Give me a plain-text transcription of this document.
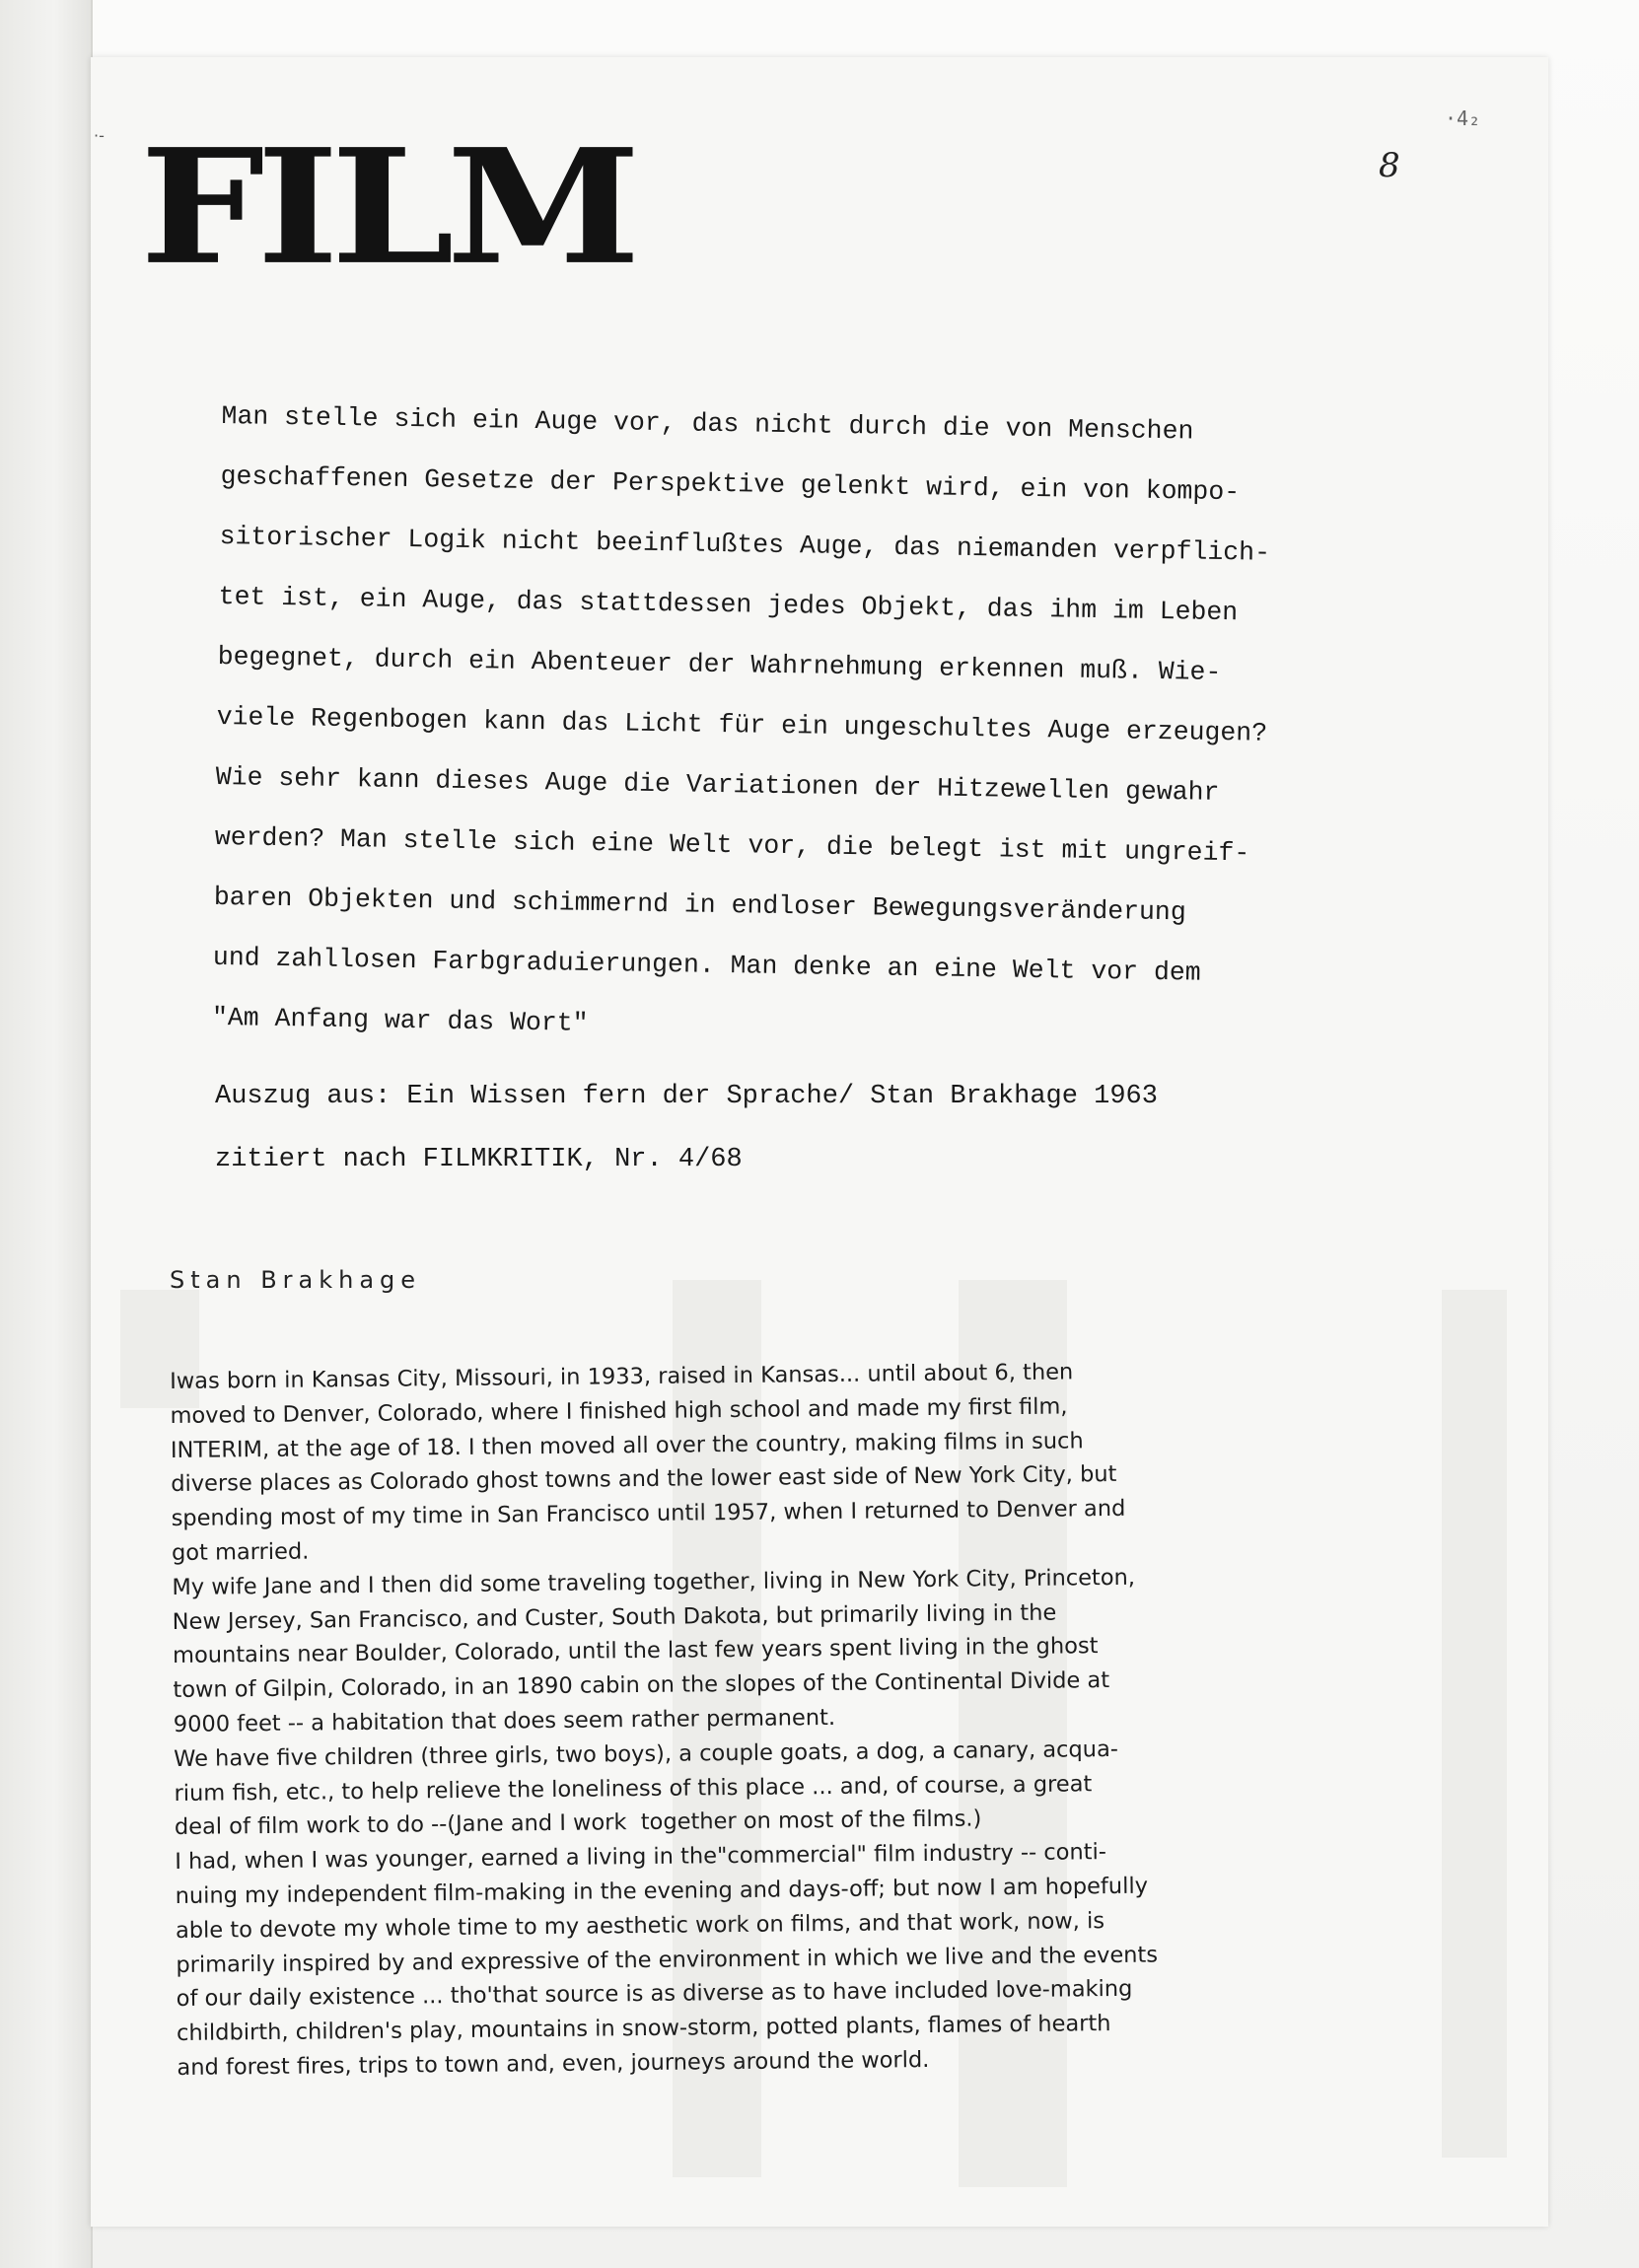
·- FILM	8
·4₂
Man stelle sich ein Auge vor, das nicht durch die von Menschen
geschaffenen Gesetze der Perspektive gelenkt wird, ein von kompo-
sitorischer Logik nicht beeinflußtes Auge, das niemanden verpflich-
tet ist, ein Auge, das stattdessen jedes Objekt, das ihm im Leben
begegnet, durch ein Abenteuer der Wahrnehmung erkennen muß. Wie-
viele Regenbogen kann das Licht für ein ungeschultes Auge erzeugen?
Wie sehr kann dieses Auge die Variationen der Hitzewellen gewahr
werden? Man stelle sich eine Welt vor, die belegt ist mit ungreif-
baren Objekten und schimmernd in endloser Bewegungsveränderung
und zahllosen Farbgraduierungen. Man denke an eine Welt vor dem
"Am Anfang war das Wort"
Auszug aus: Ein Wissen fern der Sprache/ Stan Brakhage 1963
zitiert nach FILMKRITIK, Nr. 4/68
Stan Brakhage
Iwas born in Kansas City, Missouri, in 1933, raised in Kansas... until about 6, then
moved to Denver, Colorado, where I finished high school and made my first film,
INTERIM, at the age of 18. I then moved all over the country, making films in such
diverse places as Colorado ghost towns and the lower east side of New York City, but
spending most of my time in San Francisco until 1957, when I returned to Denver and
got married.
My wife Jane and I then did some traveling together, living in New York City, Princeton,
New Jersey, San Francisco, and Custer, South Dakota, but primarily living in the
mountains near Boulder, Colorado, until the last few years spent living in the ghost
town of Gilpin, Colorado, in an 1890 cabin on the slopes of the Continental Divide at
9000 feet -- a habitation that does seem rather permanent.
We have five children (three girls, two boys), a couple goats, a dog, a canary, acqua-
rium fish, etc., to help relieve the loneliness of this place ... and, of course, a great
deal of film work to do --(Jane and I work  together on most of the films.)
I had, when I was younger, earned a living in the"commercial" film industry -- conti-
nuing my independent film-making in the evening and days-off; but now I am hopefully
able to devote my whole time to my aesthetic work on films, and that work, now, is
primarily inspired by and expressive of the environment in which we live and the events
of our daily existence ... tho'that source is as diverse as to have included love-making
childbirth, children's play, mountains in snow-storm, potted plants, flames of hearth
and forest fires, trips to town and, even, journeys around the world.
